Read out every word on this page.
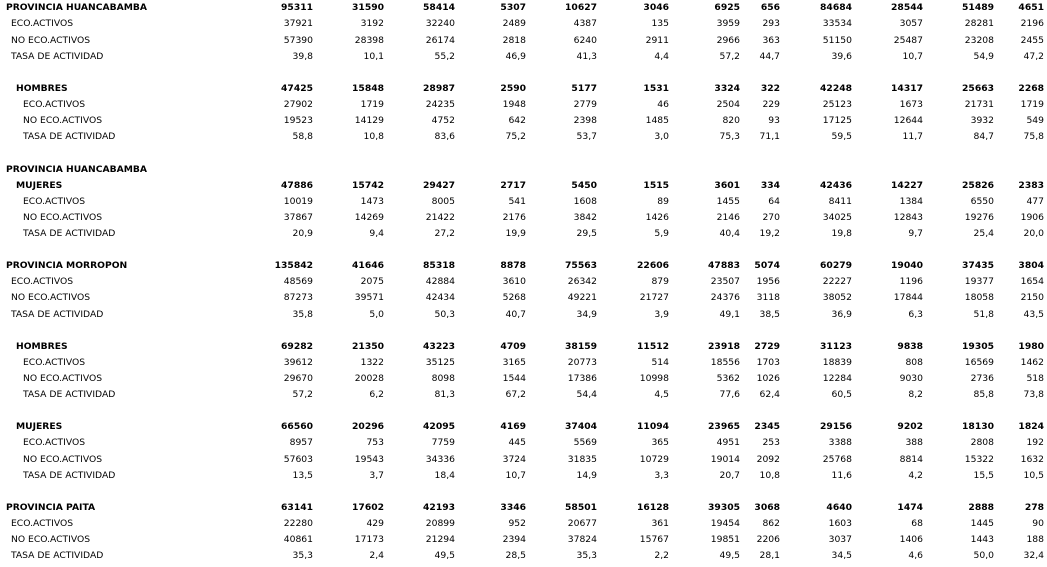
PROVINCIA HUANCABAMBA	95311	31590	58414	5307	10627	3046	6925	656	84684	28544	51489	4651
ECO.ACTIVOS	37921	3192	32240	2489	4387	135	3959	293	33534	3057	28281	2196
NO ECO.ACTIVOS	57390	28398	26174	2818	6240	2911	2966	363	51150	25487	23208	2455
TASA DE ACTIVIDAD	39,8	10,1	55,2	46,9	41,3	4,4	57,2	44,7	39,6	10,7	54,9	47,2
HOMBRES	47425	15848	28987	2590	5177	1531	3324	322	42248	14317	25663	2268
ECO.ACTIVOS	27902	1719	24235	1948	2779	46	2504	229	25123	1673	21731	1719
NO ECO.ACTIVOS	19523	14129	4752	642	2398	1485	820	93	17125	12644	3932	549
TASA DE ACTIVIDAD	58,8	10,8	83,6	75,2	53,7	3,0	75,3	71,1	59,5	11,7	84,7	75,8
PROVINCIA HUANCABAMBA
MUJERES	47886	15742	29427	2717	5450	1515	3601	334	42436	14227	25826	2383
ECO.ACTIVOS	10019	1473	8005	541	1608	89	1455	64	8411	1384	6550	477
NO ECO.ACTIVOS	37867	14269	21422	2176	3842	1426	2146	270	34025	12843	19276	1906
TASA DE ACTIVIDAD	20,9	9,4	27,2	19,9	29,5	5,9	40,4	19,2	19,8	9,7	25,4	20,0
PROVINCIA MORROPON	135842	41646	85318	8878	75563	22606	47883	5074	60279	19040	37435	3804
ECO.ACTIVOS	48569	2075	42884	3610	26342	879	23507	1956	22227	1196	19377	1654
NO ECO.ACTIVOS	87273	39571	42434	5268	49221	21727	24376	3118	38052	17844	18058	2150
TASA DE ACTIVIDAD	35,8	5,0	50,3	40,7	34,9	3,9	49,1	38,5	36,9	6,3	51,8	43,5
HOMBRES	69282	21350	43223	4709	38159	11512	23918	2729	31123	9838	19305	1980
ECO.ACTIVOS	39612	1322	35125	3165	20773	514	18556	1703	18839	808	16569	1462
NO ECO.ACTIVOS	29670	20028	8098	1544	17386	10998	5362	1026	12284	9030	2736	518
TASA DE ACTIVIDAD	57,2	6,2	81,3	67,2	54,4	4,5	77,6	62,4	60,5	8,2	85,8	73,8
MUJERES	66560	20296	42095	4169	37404	11094	23965	2345	29156	9202	18130	1824
ECO.ACTIVOS	8957	753	7759	445	5569	365	4951	253	3388	388	2808	192
NO ECO.ACTIVOS	57603	19543	34336	3724	31835	10729	19014	2092	25768	8814	15322	1632
TASA DE ACTIVIDAD	13,5	3,7	18,4	10,7	14,9	3,3	20,7	10,8	11,6	4,2	15,5	10,5
PROVINCIA PAITA	63141	17602	42193	3346	58501	16128	39305	3068	4640	1474	2888	278
ECO.ACTIVOS	22280	429	20899	952	20677	361	19454	862	1603	68	1445	90
NO ECO.ACTIVOS	40861	17173	21294	2394	37824	15767	19851	2206	3037	1406	1443	188
TASA DE ACTIVIDAD	35,3	2,4	49,5	28,5	35,3	2,2	49,5	28,1	34,5	4,6	50,0	32,4
